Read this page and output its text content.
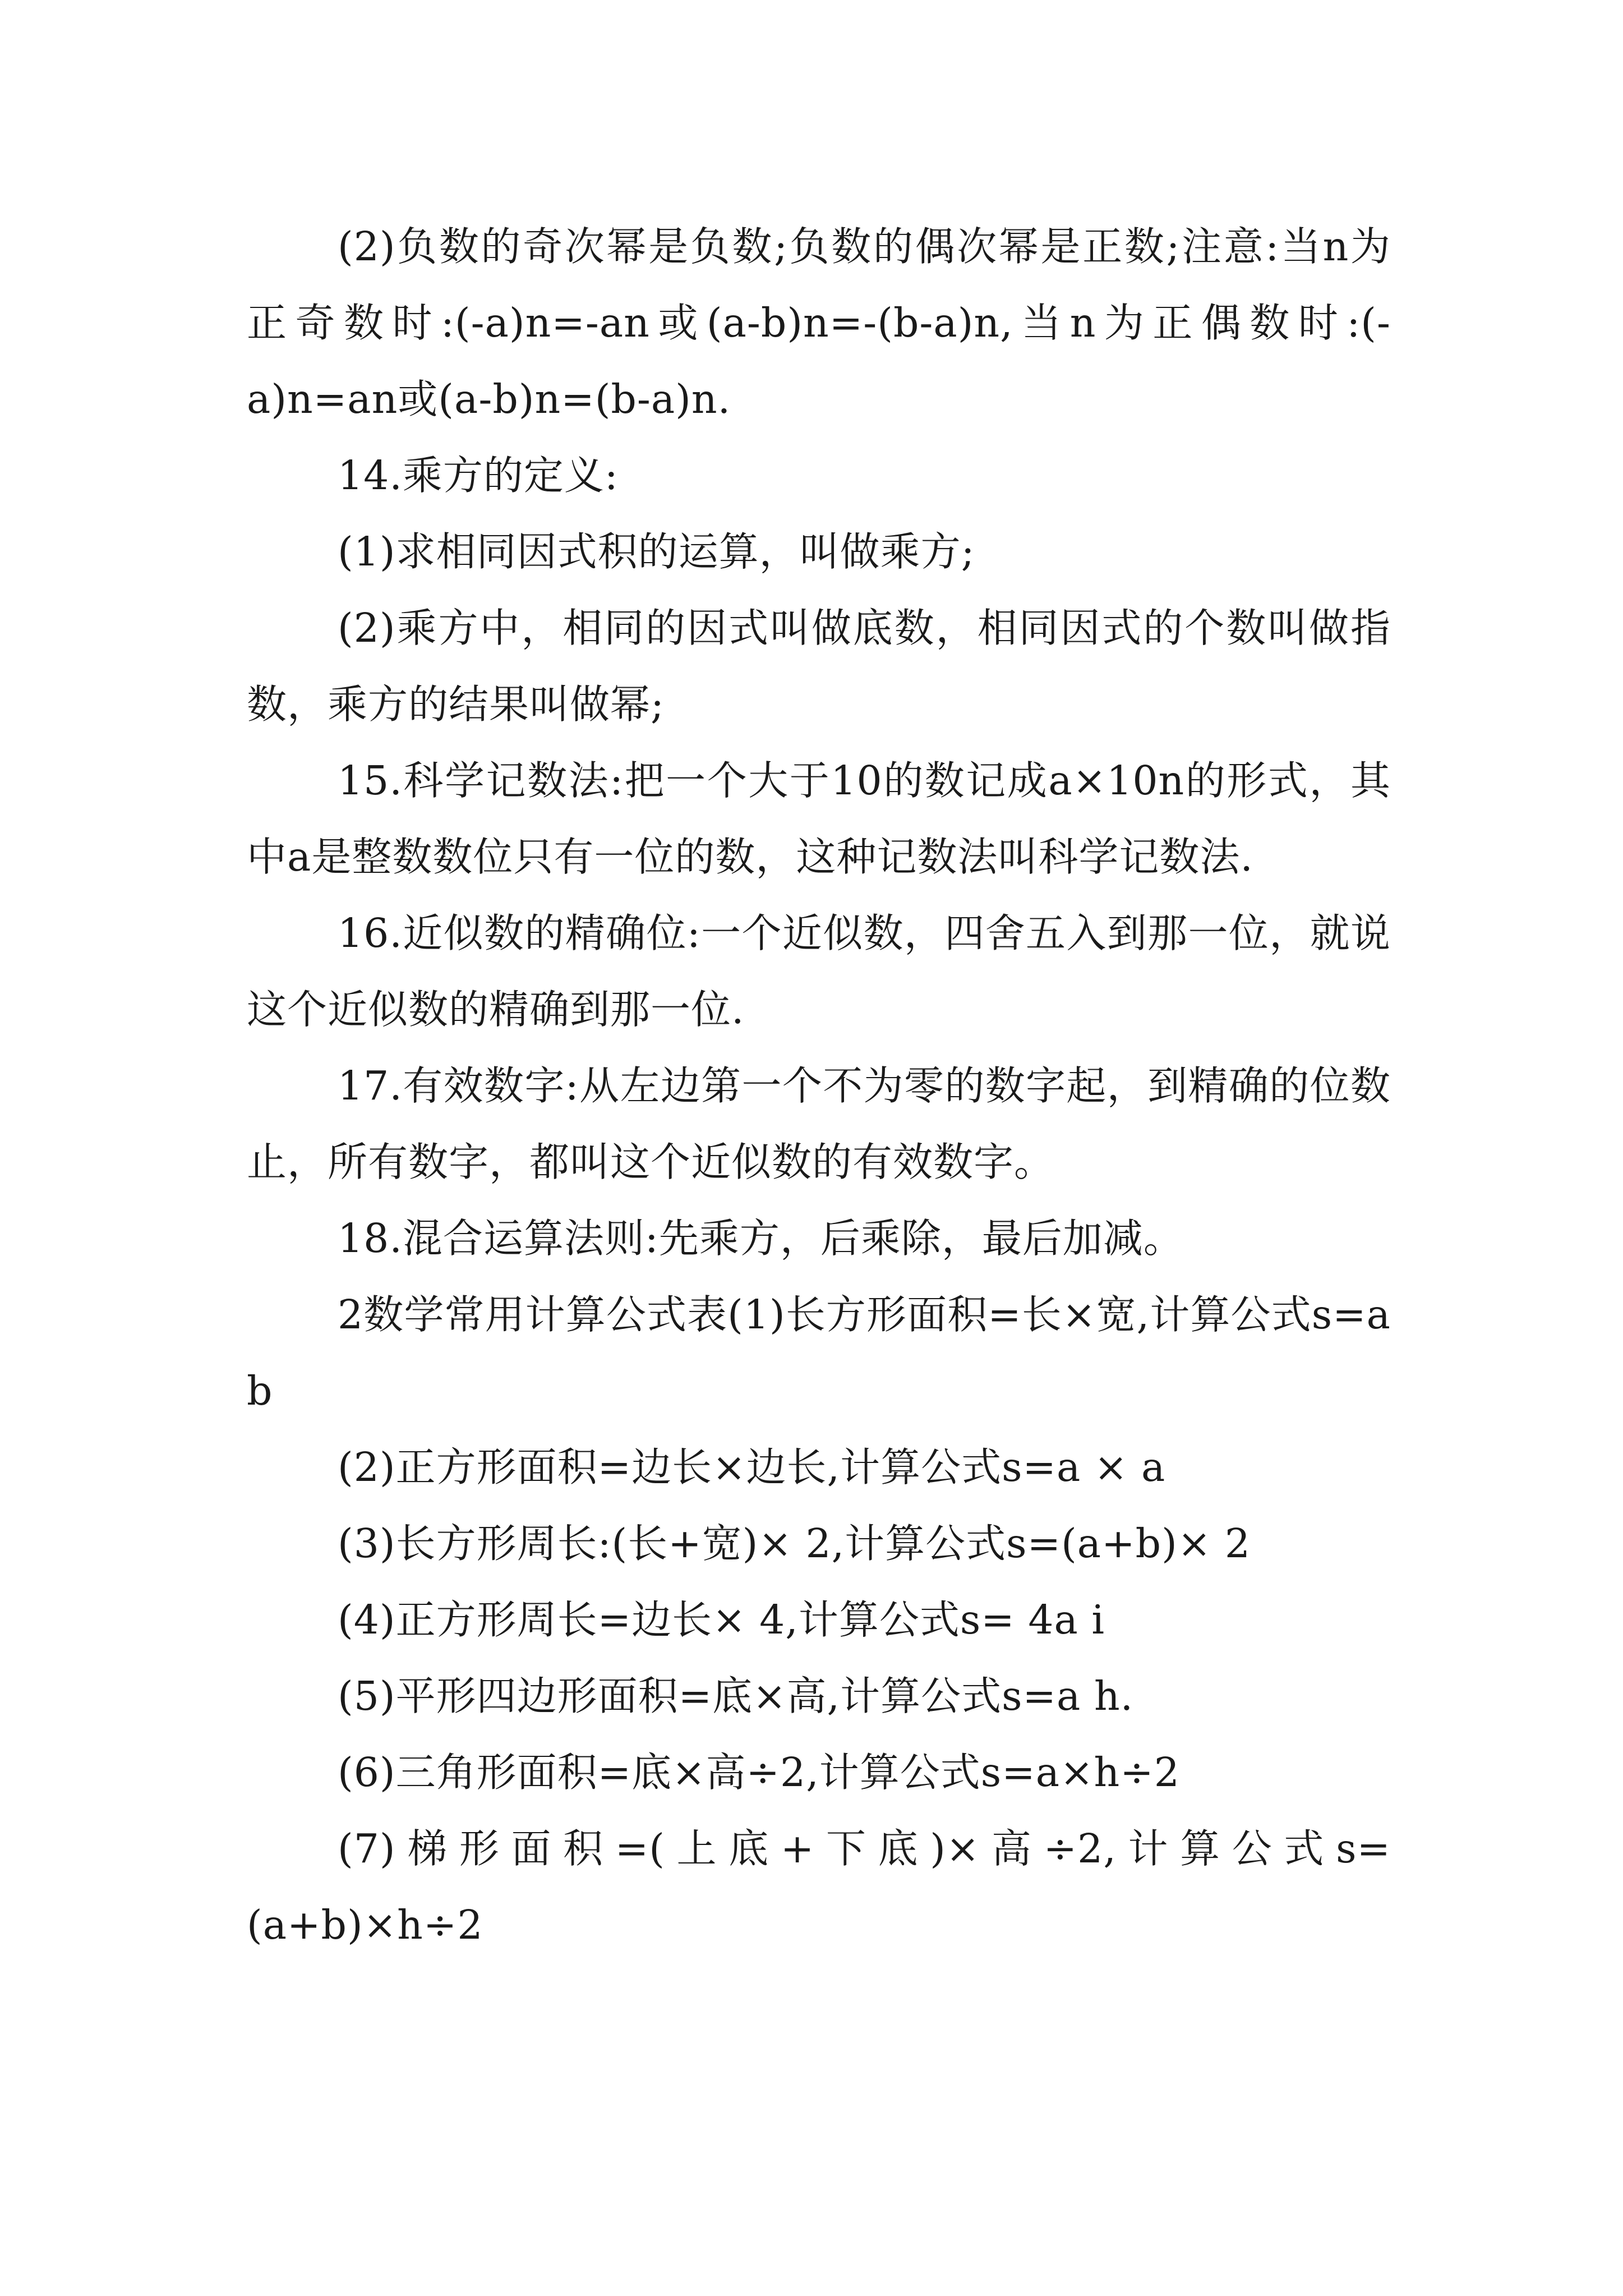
(2)负数的奇次幂是负数;负数的偶次幂是正数;注意:当n为正奇数时:(-a)n=-an或(a-b)n=-(b-a)n,当n为正偶数时:(-a)n=an或(a-b)n=(b-a)n.

14.乘方的定义:

(1)求相同因式积的运算，叫做乘方;

(2)乘方中，相同的因式叫做底数，相同因式的个数叫做指数，乘方的结果叫做幂;

15.科学记数法:把一个大于10的数记成a×10n的形式，其中a是整数数位只有一位的数，这种记数法叫科学记数法.

16.近似数的精确位:一个近似数，四舍五入到那一位，就说这个近似数的精确到那一位.

17.有效数字:从左边第一个不为零的数字起，到精确的位数止，所有数字，都叫这个近似数的有效数字。

18.混合运算法则:先乘方，后乘除，最后加减。

2数学常用计算公式表(1)长方形面积=长×宽,计算公式s=a b

(2)正方形面积=边长×边长,计算公式s=a × a

(3)长方形周长:(长+宽)× 2,计算公式s=(a+b)× 2

(4)正方形周长=边长× 4,计算公式s= 4a i

(5)平形四边形面积=底×高,计算公式s=a h.

(6)三角形面积=底×高÷2,计算公式s=a×h÷2

(7)梯形面积=(上底+下底)×高÷2,计算公式s=(a+b)×h÷2
